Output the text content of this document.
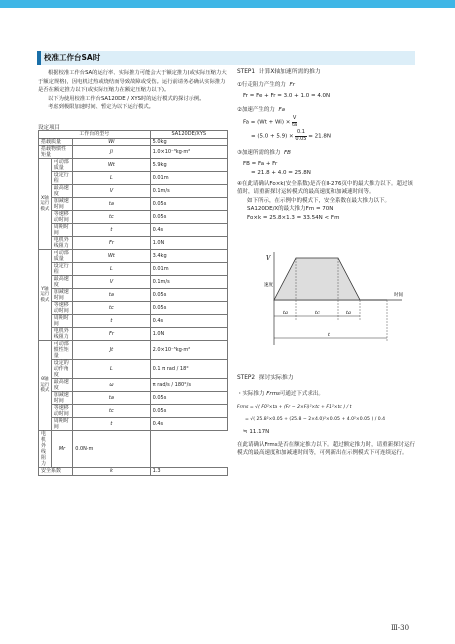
校准工作台SA时

根据校准工作台SA的运行率、实际推力可能会大于额定推力(或实际压缩力大于额定规格)，因电机过热或烧结而导致故障或受伤。运行前请务必确认实际推力是否在额定推力以下(或实际压缩力在额定压缩力以下)。

以下为使用校准工作台SA120DE / XYS时的运行模式的探讨示例。

考虑到极限加速时间、暂定为以下运行模式。

设定项目
工作台的型号			SA120DE/XYS
搭载质量		Wi	5.0kg
搭载物惯性矩量		Ji	1.0×10⁻³kg·m²
X轴运行模式	可动部质量	Wt	5.9kg
	设定行程	L	0.01m
	最高速度	V	0.1m/s
	加减速时间	ta	0.05s
	等速移动时间	tc	0.05s
	周期时间	t	0.4s
	电机外线阻力	Fr	1.0N
Y轴运行模式	可动部质量	Wt	3.4kg
	设定行程	L	0.01m
	最高速度	V	0.1m/s
	加减速时间	ta	0.05s
	等速移动时间	tc	0.05s
	周期时间	t	0.4s
	电机外线阻力	Fr	1.0N
θ轴运行模式	可动部惯性矩量	Jt	2.0×10⁻⁵kg·m²
	设定的动作角度	L	0.1 π rad / 18°
	最高速度	ω	π rad/s / 180°/s
	加减速时间	ta	0.05s
	等速移动时间	tc	0.05s
	周期时间	t	0.4s
电机外线阻力	Mr	0.0N·m	
安全系数		k	1.3
STEP1 计算X轴加速所需的推力
①行走阻力产生的力 Fr
Fr = Fe + Fr = 3.0 + 1.0 = 4.0N
②加速产生的力 Fa
$Fa = (Wt + Wi) \times \frac{V}{ta}$
= $(5.0 + 5.9) \times \frac{0.1}{0.05} = 21.8N$
③加速所需的推力 FB
FB = Fa + Fr
= 21.8 + 4.0 = 25.8N
④在此请确认Fo×k(安全系数)是否在Ⅱ-276页中的最大推力以下。超过该值时，请重新探讨运转模式的最高速度和加减速时间等。
如下所示，在示例中的模式下，安全系数在最大推力以下。
SA120DE/X的最大推力Fm = 70N
Fo×k = 25.8×1.3 = 33.54N < Fm
V
速度
时间
ta	tc	ta
t
STEP2 探讨实际推力
・实际推力 Frms可通过下式求出。
Frms = √( F0²×ta + (Fr − 2×Fi)²×tc + F1²×tc ) / t
= √( 25.8²×0.05 + (25.8 − 2×4.0)²×0.05 + 4.0²×0.05 ) / 0.4
≒ 11.17N
在此请确认Frms是否在额定推力以下。超过额定推力时，请重新探讨运行模式的最高速度和加减速时间等，可列新出在示例模式下可连续运行。
Ⅲ-30
